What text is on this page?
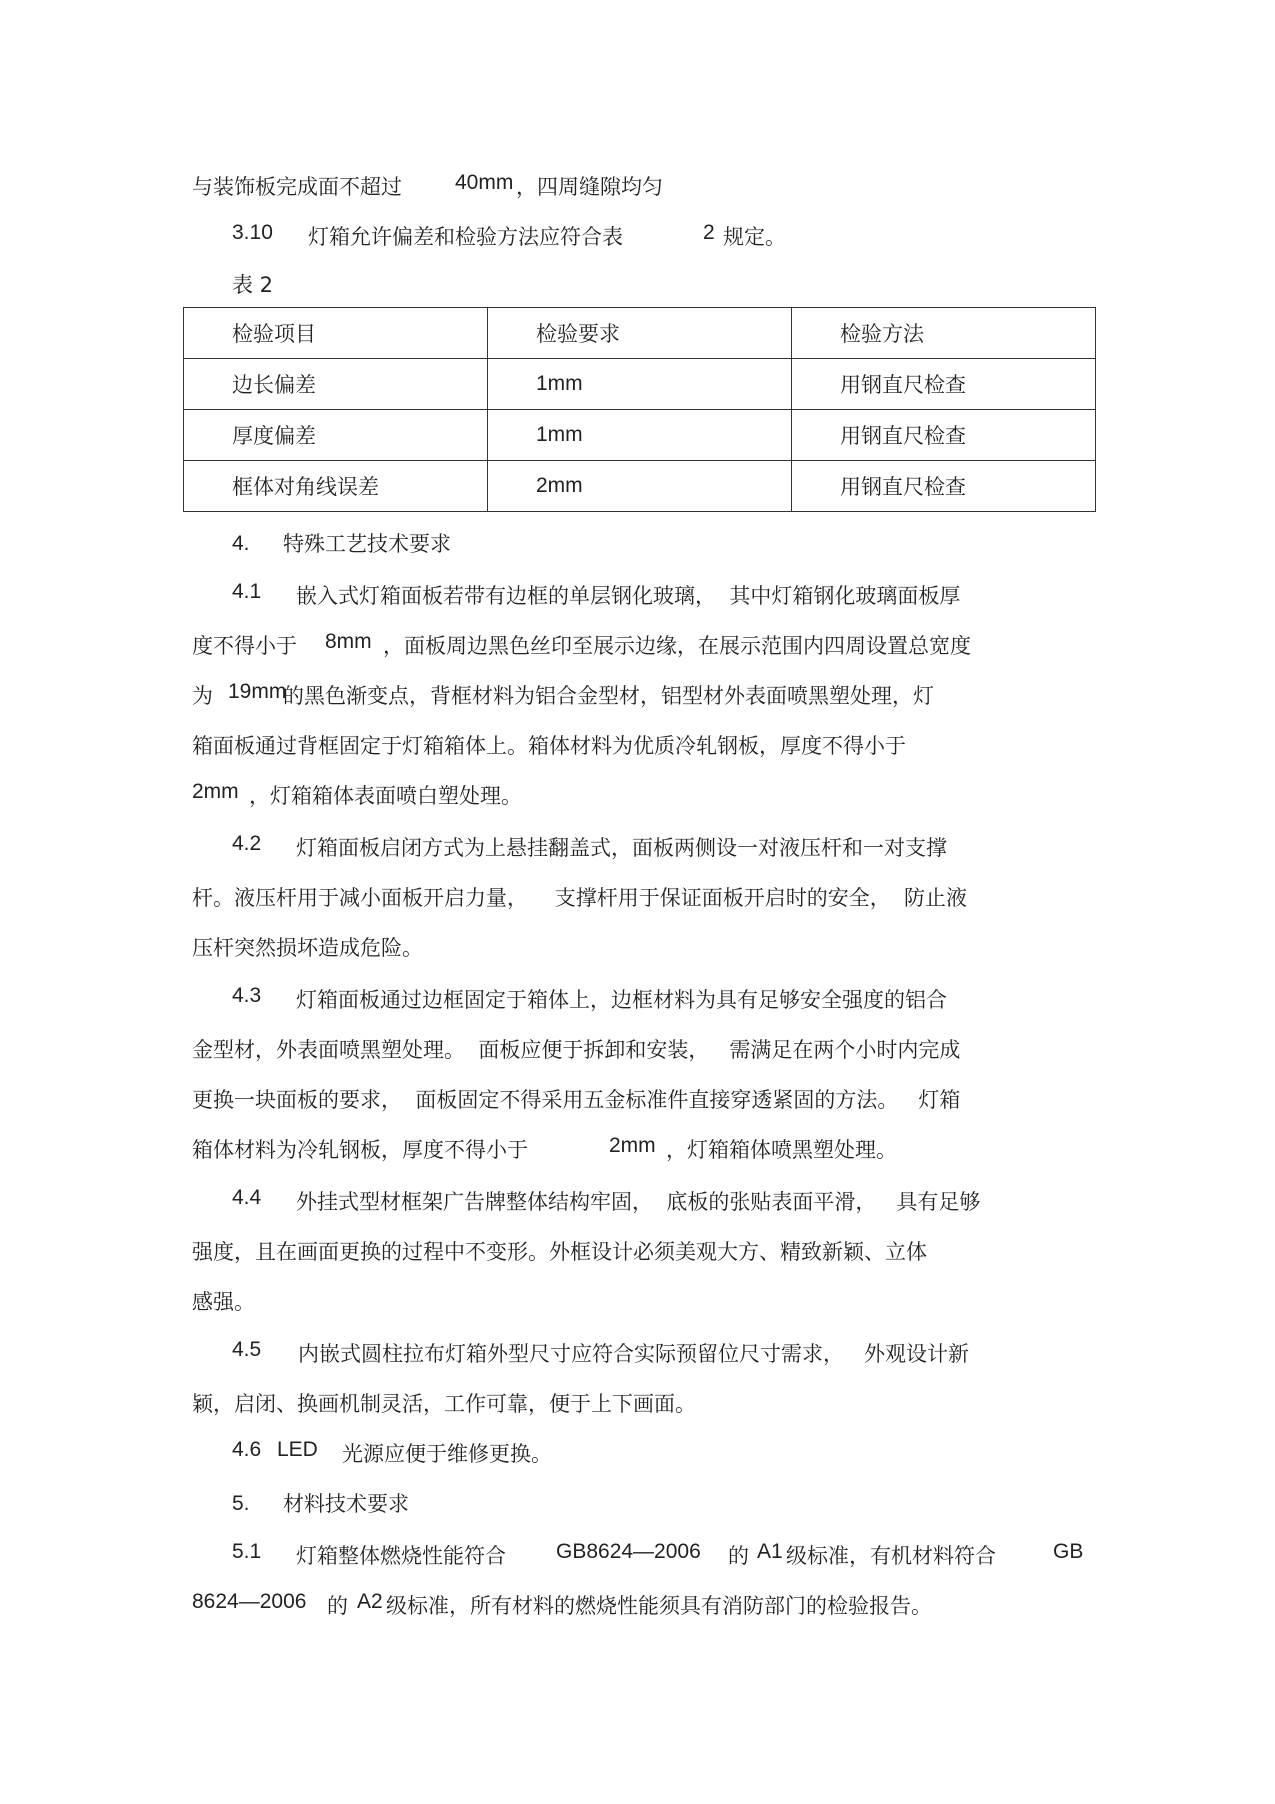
与装饰板完成面不超过

	40mm

，四周缝隙均匀

3.10

灯箱允许偏差和检验方法应符合表

	2

规定。

表 2

检验项目	检验要求	检验方法
边长偏差	1mm	用钢直尺检查
厚度偏差	1mm	用钢直尺检查
框体对角线误差	2mm	用钢直尺检查

4.

特殊工艺技术要求

4.1

嵌入式灯箱面板若带有边框的单层钢化玻璃，  其中灯箱钢化玻璃面板厚

度不得小于

8mm

，面板周边黑色丝印至展示边缘，在展示范围内四周设置总宽度

为

19mm

的黑色渐变点，背框材料为铝合金型材，铝型材外表面喷黑塑处理，灯

箱面板通过背框固定于灯箱箱体上。箱体材料为优质冷轧钢板，厚度不得小于

2mm

，灯箱箱体表面喷白塑处理。

4.2

灯箱面板启闭方式为上悬挂翻盖式，面板两侧设一对液压杆和一对支撑

杆。液压杆用于减小面板开启力量，    支撑杆用于保证面板开启时的安全，  防止液

压杆突然损坏造成危险。

4.3

灯箱面板通过边框固定于箱体上，边框材料为具有足够安全强度的铝合

金型材，外表面喷黑塑处理。  面板应便于拆卸和安装，   需满足在两个小时内完成

更换一块面板的要求，  面板固定不得采用五金标准件直接穿透紧固的方法。   灯箱

箱体材料为冷轧钢板，厚度不得小于

	2mm

，灯箱箱体喷黑塑处理。

4.4

外挂式型材框架广告牌整体结构牢固，  底板的张贴表面平滑，   具有足够

强度，且在画面更换的过程中不变形。外框设计必须美观大方、精致新颖、立体

感强。

4.5

内嵌式圆柱拉布灯箱外型尺寸应符合实际预留位尺寸需求，   外观设计新

颖，启闭、换画机制灵活，工作可靠，便于上下画面。

4.6

LED

光源应便于维修更换。

5.

材料技术要求

5.1

灯箱整体燃烧性能符合

GB8624—2006

的

A1

级标准，有机材料符合

	GB

8624—2006

的

A2

级标准，所有材料的燃烧性能须具有消防部门的检验报告。
